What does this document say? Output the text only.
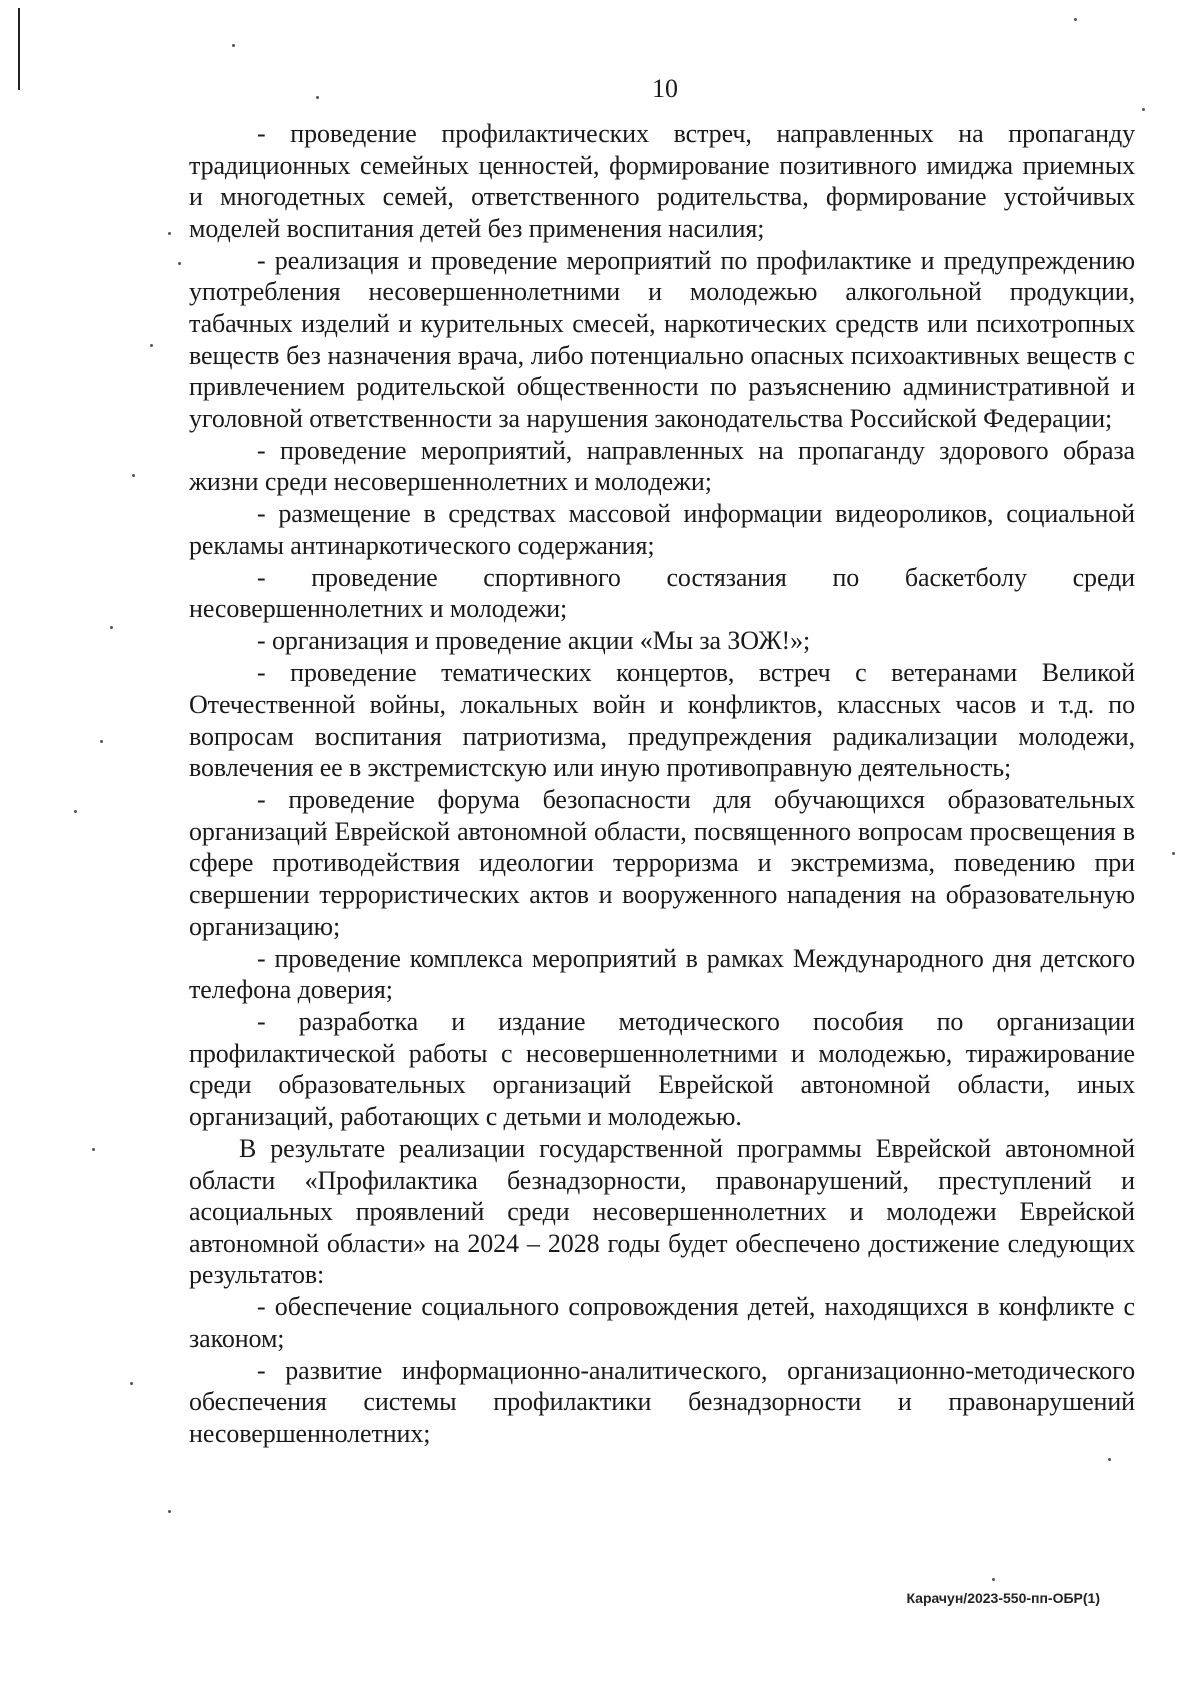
10

- проведение профилактических встреч, направленных на пропаганду традиционных семейных ценностей, формирование позитивного имиджа приемных и многодетных семей, ответственного родительства, формирование устойчивых моделей воспитания детей без применения насилия;

- реализация и проведение мероприятий по профилактике и предупреждению употребления несовершеннолетними и молодежью алкогольной продукции, табачных изделий и курительных смесей, наркотических средств или психотропных веществ без назначения врача, либо потенциально опасных психоактивных веществ с привлечением родительской общественности по разъяснению административной и уголовной ответственности за нарушения законодательства Российской Федерации;

- проведение мероприятий, направленных на пропаганду здорового образа жизни среди несовершеннолетних и молодежи;

- размещение в средствах массовой информации видеороликов, социальной рекламы антинаркотического содержания;

- проведение спортивного состязания по баскетболу среди несовершеннолетних и молодежи;

- организация и проведение акции «Мы за ЗОЖ!»;

- проведение тематических концертов, встреч с ветеранами Великой Отечественной войны, локальных войн и конфликтов, классных часов и т.д. по вопросам воспитания патриотизма, предупреждения радикализации молодежи, вовлечения ее в экстремистскую или иную противоправную деятельность;

- проведение форума безопасности для обучающихся образовательных организаций Еврейской автономной области, посвященного вопросам просвещения в сфере противодействия идеологии терроризма и экстремизма, поведению при свершении террористических актов и вооруженного нападения на образовательную организацию;

- проведение комплекса мероприятий в рамках Международного дня детского телефона доверия;

- разработка и издание методического пособия по организации профилактической работы с несовершеннолетними и молодежью, тиражирование среди образовательных организаций Еврейской автономной области, иных организаций, работающих с детьми и молодежью.

В результате реализации государственной программы Еврейской автономной области «Профилактика безнадзорности, правонарушений, преступлений и асоциальных проявлений среди несовершеннолетних и молодежи Еврейской автономной области» на 2024 – 2028 годы будет обеспечено достижение следующих результатов:

- обеспечение социального сопровождения детей, находящихся в конфликте с законом;

- развитие информационно-аналитического, организационно-методического обеспечения системы профилактики безнадзорности и правонарушений несовершеннолетних;

Карачун/2023-550-пп-ОБР(1)
